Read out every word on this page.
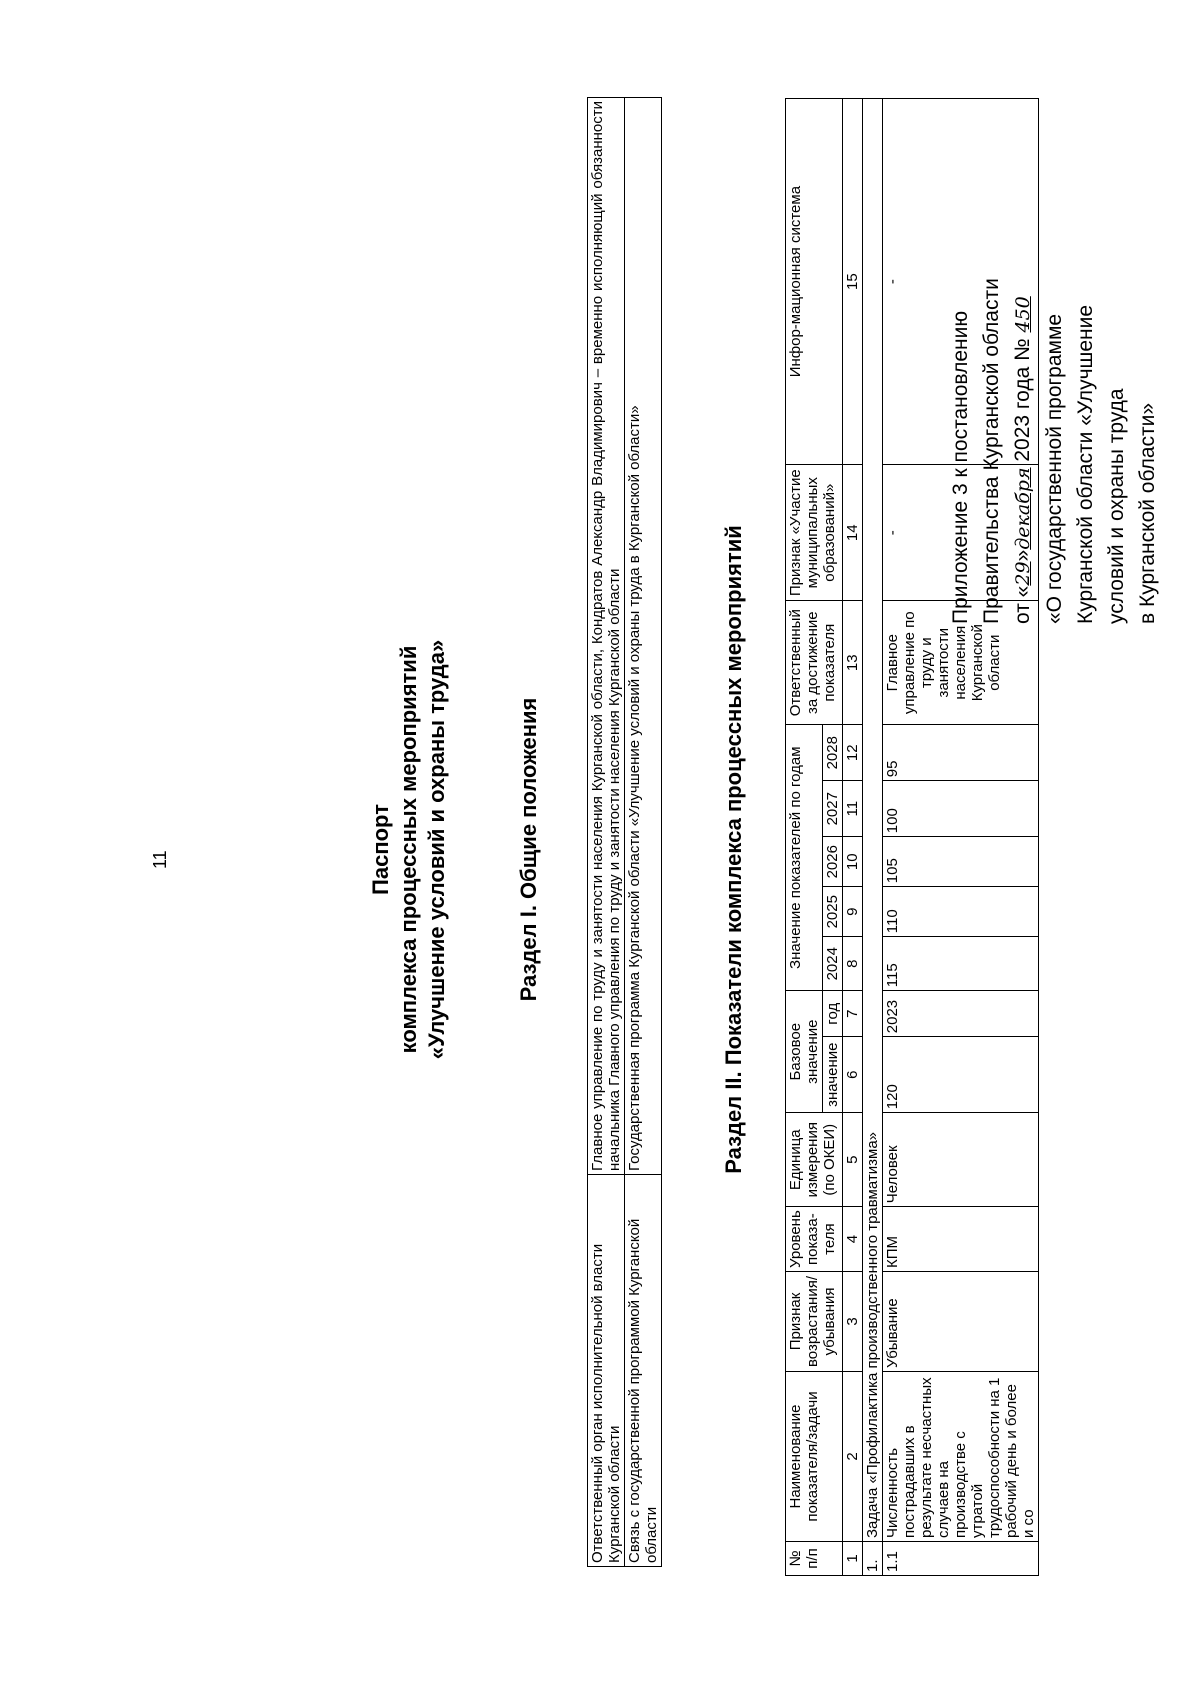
11
Приложение 3 к постановлению Правительства Курганской области от «29»декабря 2023 года № 450 «О государственной программе Курганской области «Улучшение условий и охраны труда в Курганской области»
Паспорт комплекса процессных мероприятий «Улучшение условий и охраны труда»	Раздел I. Общие положения
Ответственный орган исполнительной власти Курганской области	Главное управление по труду и занятости населения Курганской области, Кондратов Александр Владимирович – временно исполняющий обязанности начальника Главного управления по труду и занятости населения Курганской области
Связь с государственной программой Курганской области	Государственная программа Курганской области «Улучшение условий и охраны труда в Курганской области»	Раздел II. Показатели комплекса процессных мероприятий
№ п/п	Наименование показателя/задачи	Признак возрастания/ убывания	Уровень показа-теля	Единица измерения (по ОКЕИ)	Базовое значение		Значение показателей по годам					Ответственный за достижение показателя	Признак «Участие муниципальных образований»	Инфор-мационная система
					значение	год	2024	2025	2026	2027	2028			
1	2	3	4	5	6	7	8	9	10	11	12	13	14	15
1.	Задача «Профилактика производственного травматизма»													
1.1	Численность пострадавших в результате несчастных случаев на производстве с утратой трудоспособности на 1 рабочий день и более и со	Убывание	КПМ	Человек	120	2023	115	110	105	100	95	Главное управление по труду и занятости населения Курганской области	-	-
